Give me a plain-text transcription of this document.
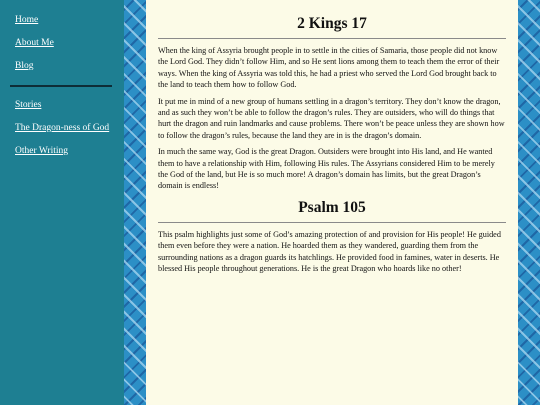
Home
About Me
Blog
Stories
The Dragon-ness of God
Other Writing
2 Kings 17

When the king of Assyria brought people in to settle in the cities of Samaria, those people did not know the Lord God. They didn’t follow Him, and so He sent lions among them to teach them the error of their ways. When the king of Assyria was told this, he had a priest who served the Lord God brought back to the land to teach them how to follow God.

It put me in mind of a new group of humans settling in a dragon’s territory. They don’t know the dragon, and as such they won’t be able to follow the dragon’s rules. They are outsiders, who will do things that hurt the dragon and ruin landmarks and cause problems. There won’t be peace unless they are shown how to follow the dragon’s rules, because the land they are in is the dragon’s domain.

In much the same way, God is the great Dragon. Outsiders were brought into His land, and He wanted them to have a relationship with Him, following His rules. The Assyrians considered Him to be merely the God of the land, but He is so much more! A dragon’s domain has limits, but the great Dragon’s domain is endless!

Psalm 105

This psalm highlights just some of God’s amazing protection of and provision for His people! He guided them even before they were a nation. He hoarded them as they wandered, guarding them from the surrounding nations as a dragon guards its hatchlings. He provided food in famines, water in deserts. He blessed His people throughout generations. He is the great Dragon who hoards like no other!
